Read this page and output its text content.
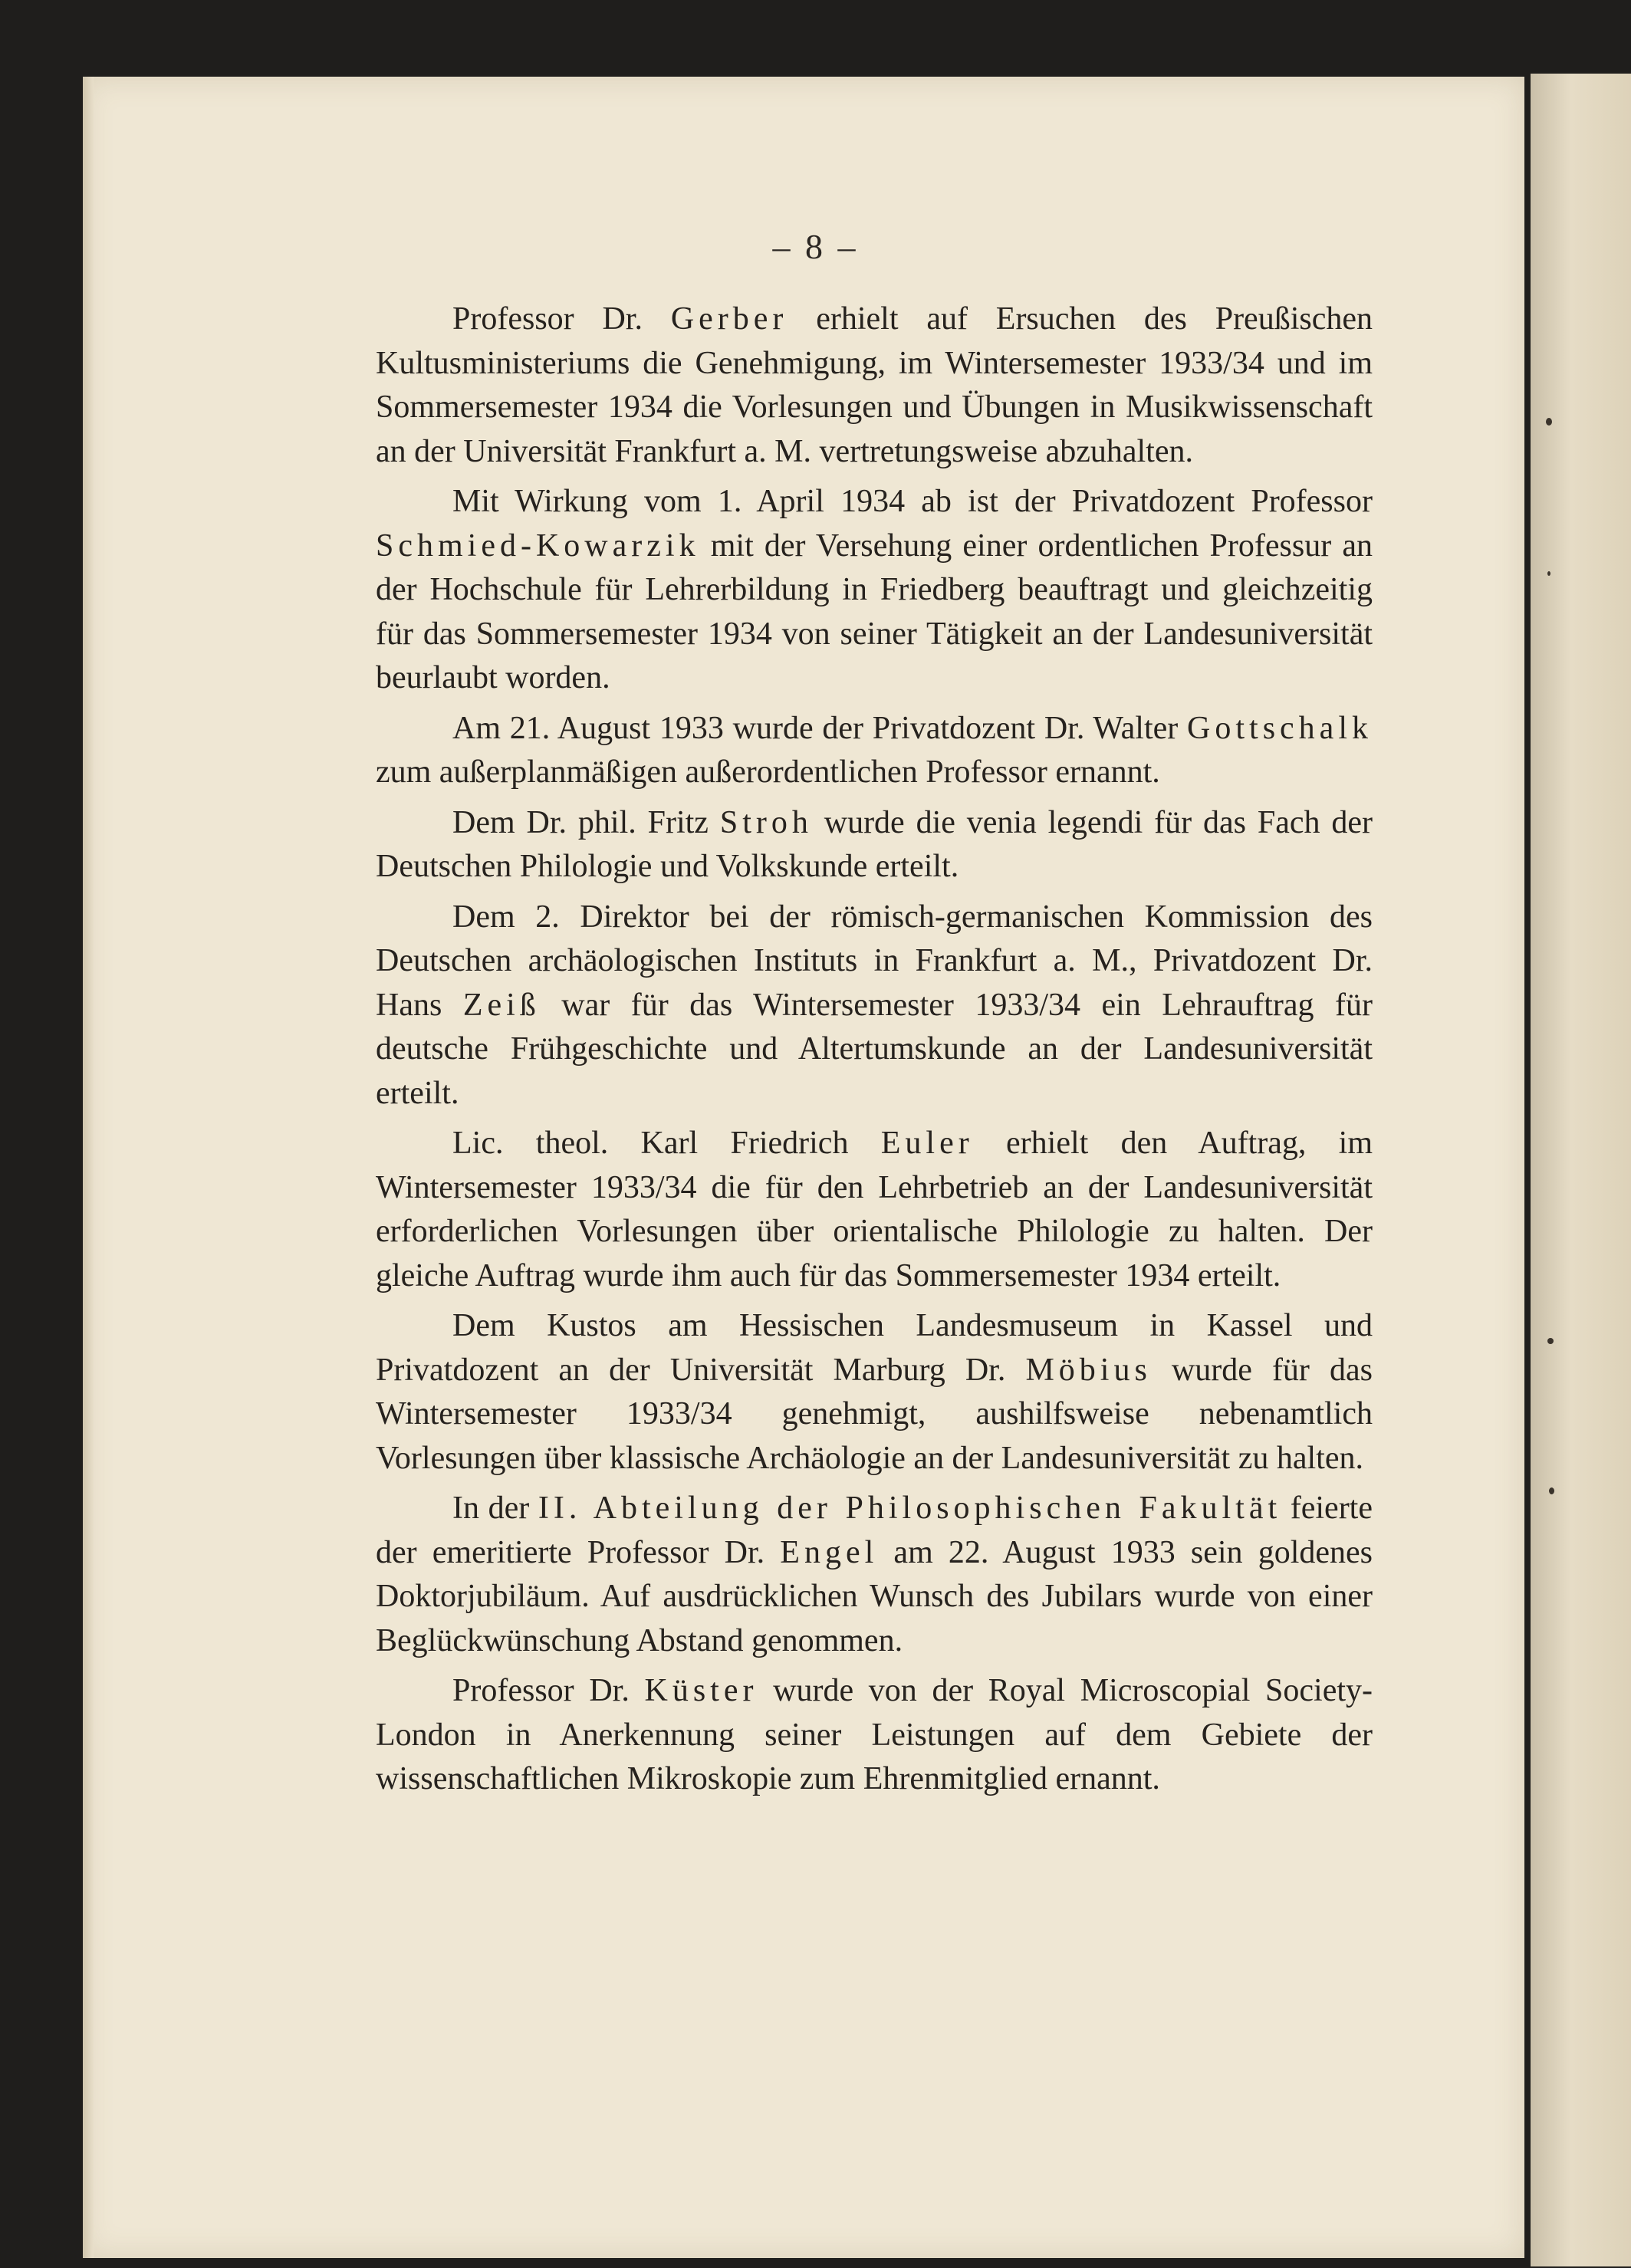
– 8 –

Professor Dr. Gerber erhielt auf Ersuchen des Preußischen Kultusministeriums die Genehmigung, im Wintersemester 1933/34 und im Sommersemester 1934 die Vorlesungen und Übungen in Musikwissenschaft an der Universität Frankfurt a. M. vertretungsweise abzuhalten.

Mit Wirkung vom 1. April 1934 ab ist der Privatdozent Professor Schmied-Kowarzik mit der Versehung einer ordentlichen Professur an der Hochschule für Lehrerbildung in Friedberg beauftragt und gleichzeitig für das Sommersemester 1934 von seiner Tätigkeit an der Landesuniversität beurlaubt worden.

Am 21. August 1933 wurde der Privatdozent Dr. Walter Gottschalk zum außerplanmäßigen außerordentlichen Professor ernannt.

Dem Dr. phil. Fritz Stroh wurde die venia legendi für das Fach der Deutschen Philologie und Volkskunde erteilt.

Dem 2. Direktor bei der römisch-germanischen Kommission des Deutschen archäologischen Instituts in Frankfurt a. M., Privatdozent Dr. Hans Zeiß war für das Wintersemester 1933/34 ein Lehrauftrag für deutsche Frühgeschichte und Altertumskunde an der Landesuniversität erteilt.

Lic. theol. Karl Friedrich Euler erhielt den Auftrag, im Wintersemester 1933/34 die für den Lehrbetrieb an der Landesuniversität erforderlichen Vorlesungen über orientalische Philologie zu halten. Der gleiche Auftrag wurde ihm auch für das Sommersemester 1934 erteilt.

Dem Kustos am Hessischen Landesmuseum in Kassel und Privatdozent an der Universität Marburg Dr. Möbius wurde für das Wintersemester 1933/34 genehmigt, aushilfsweise nebenamtlich Vorlesungen über klassische Archäologie an der Landesuniversität zu halten.

In der II. Abteilung der Philosophischen Fakultät feierte der emeritierte Professor Dr. Engel am 22. August 1933 sein goldenes Doktorjubiläum. Auf ausdrücklichen Wunsch des Jubilars wurde von einer Beglückwünschung Abstand genommen.

Professor Dr. Küster wurde von der Royal Microscopial Society-London in Anerkennung seiner Leistungen auf dem Gebiete der wissenschaftlichen Mikroskopie zum Ehrenmitglied ernannt.
